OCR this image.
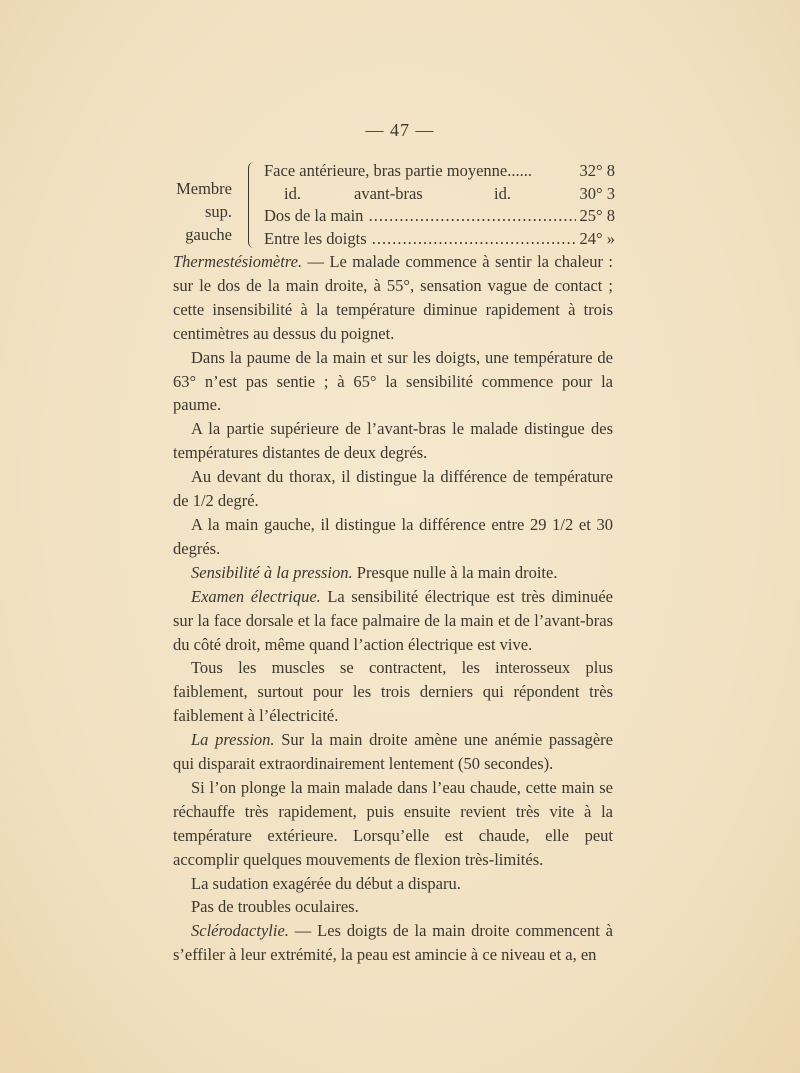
— 47 —
Membre
sup. gauche
Face antérieure, bras partie moyenne......	32° 8
id.	avant-bras	id.	30° 3
Dos de la main .....	25° 8
Entre les doigts .....	24° »

Thermestésiomètre. — Le malade commence à sentir la chaleur : sur le dos de la main droite, à 55°, sensation vague de contact ; cette insensibilité à la température diminue rapidement à trois centimètres au dessus du poignet.

Dans la paume de la main et sur les doigts, une température de 63° n’est pas sentie ; à 65° la sensibilité commence pour la paume.

A la partie supérieure de l’avant-bras le malade distingue des températures distantes de deux degrés.

Au devant du thorax, il distingue la différence de température de 1/2 degré.

A la main gauche, il distingue la différence entre 29 1/2 et 30 degrés.

Sensibilité à la pression. Presque nulle à la main droite.

Examen électrique. La sensibilité électrique est très diminuée sur la face dorsale et la face palmaire de la main et de l’avant-bras du côté droit, même quand l’action électrique est vive.

Tous les muscles se contractent, les interosseux plus faiblement, surtout pour les trois derniers qui répondent très faiblement à l’électricité.

La pression. Sur la main droite amène une anémie passagère qui disparait extraordinairement lentement (50 secondes).

Si l’on plonge la main malade dans l’eau chaude, cette main se réchauffe très rapidement, puis ensuite revient très vite à la température extérieure. Lorsqu’elle est chaude, elle peut accomplir quelques mouvements de flexion très-limités.

La sudation exagérée du début a disparu.

Pas de troubles oculaires.

Sclérodactylie. — Les doigts de la main droite commencent à s’effiler à leur extrémité, la peau est amincie à ce niveau et a, en
